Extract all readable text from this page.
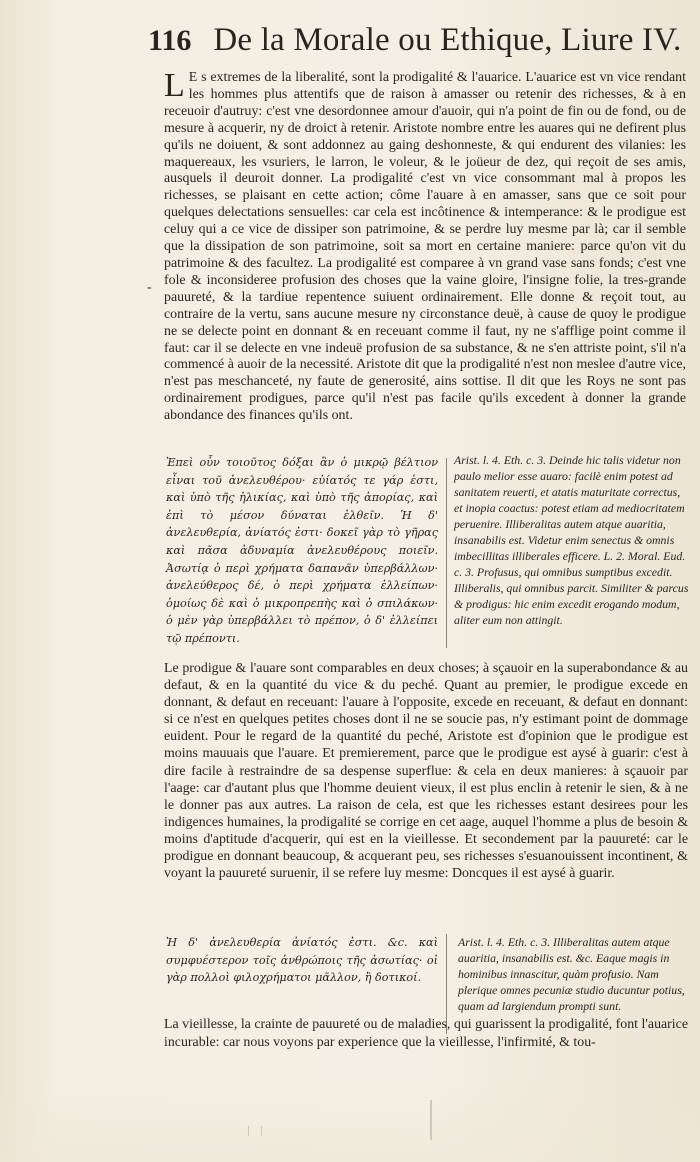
116 De la Morale ou Ethique, Liure IV.

L E s extremes de la liberalité, sont la prodigalité & l'auarice. L'auarice est vn vice rendant les hommes plus attentifs que de raison à amasser ou retenir des richesses, & à en receuoir d'autruy: c'est vne desordonnee amour d'auoir, qui n'a point de fin ou de fond, ou de mesure à acquerir, ny de droict à retenir. Aristote nombre entre les auares qui ne defirent plus qu'ils ne doiuent, & sont addonnez au gaing deshonneste, & qui endurent des vilanies: les maquereaux, les vsuriers, le larron, le voleur, & le joüeur de dez, qui reçoit de ses amis, ausquels il deuroit donner. La prodigalité c'est vn vice consommant mal à propos les richesses, se plaisant en cette action; côme l'auare à en amasser, sans que ce soit pour quelques delectations sensuelles: car cela est incôtinence & intemperance: & le prodigue est celuy qui a ce vice de dissiper son patrimoine, & se perdre luy mesme par là; car il semble que la dissipation de son patrimoine, soit sa mort en certaine maniere: parce qu'on vit du patrimoine & des facultez. La prodigalité est comparee à vn grand vase sans fonds; c'est vne fole & inconsideree profusion des choses que la vaine gloire, l'insigne folie, la tres-grande pauureté, & la tardiue repentence suiuent ordinairement. Elle donne & reçoit tout, au contraire de la vertu, sans aucune mesure ny circonstance deuë, à cause de quoy le prodigue ne se delecte point en donnant & en receuant comme il faut, ny ne s'afflige point comme il faut: car il se delecte en vne indeuë profusion de sa substance, & ne s'en attriste point, s'il n'a commencé à auoir de la necessité. Aristote dit que la prodigalité n'est non meslee d'autre vice, n'est pas meschanceté, ny faute de generosité, ains sottise. Il dit que les Roys ne sont pas ordinairement prodigues, parce qu'il n'est pas facile qu'ils excedent à donner la grande abondance des finances qu'ils ont.

-

Ἐπεὶ οὖν τοιοῦτος δόξαι ἂν ὁ μικρῷ βέλτιον εἶναι τοῦ ἀνελευθέρου· εὐίατός τε γάρ ἐστι, καὶ ὑπὸ τῆς ἡλικίας, καὶ ὑπὸ τῆς ἀπορίας, καὶ ἐπὶ τὸ μέσον δύναται ἐλθεῖν. Ἡ δ' ἀνελευθερία, ἀνίατός ἐστι· δοκεῖ γὰρ τὸ γῆρας καὶ πᾶσα ἀδυναμία ἀνελευθέρους ποιεῖν. Ἀσωτίᾳ ὁ περὶ χρήματα δαπανᾶν ὑπερβάλλων· ἀνελεύθερος δέ, ὁ περὶ χρήματα ἐλλείπων· ὁμοίως δὲ καὶ ὁ μικροπρεπὴς καὶ ὁ σπιλάκων· ὁ μὲν γὰρ ὑπερβάλλει τὸ πρέπον, ὁ δ' ἐλλείπει τῷ πρέποντι.

Arist. l. 4. Eth. c. 3. Deinde hic talis videtur non paulo melior esse auaro: facilè enim potest ad sanitatem reuerti, et atatis maturitate correctus, et inopia coactus: potest etiam ad mediocritatem peruenire. Illiberalitas autem atque auaritia, insanabilis est. Videtur enim senectus & omnis imbecillitas illiberales efficere. L. 2. Moral. Eud. c. 3. Profusus, qui omnibus sumptibus excedit. Illiberalis, qui omnibus parcit. Similiter & parcus & prodigus: hic enim excedit erogando modum, aliter eum non attingit.

Le prodigue & l'auare sont comparables en deux choses; à sçauoir en la superabondance & au defaut, & en la quantité du vice & du peché. Quant au premier, le prodigue excede en donnant, & defaut en receuant: l'auare à l'opposite, excede en receuant, & defaut en donnant: si ce n'est en quelques petites choses dont il ne se soucie pas, n'y estimant point de dommage euident. Pour le regard de la quantité du peché, Aristote est d'opinion que le prodigue est moins mauuais que l'auare. Et premierement, parce que le prodigue est aysé à guarir: c'est à dire facile à restraindre de sa despense superflue: & cela en deux manieres: à sçauoir par l'aage: car d'autant plus que l'homme deuient vieux, il est plus enclin à retenir le sien, & à ne le donner pas aux autres. La raison de cela, est que les richesses estant desirees pour les indigences humaines, la prodigalité se corrige en cet aage, auquel l'homme a plus de besoin & moins d'aptitude d'acquerir, qui est en la vieillesse. Et secondement par la pauureté: car le prodigue en donnant beaucoup, & acquerant peu, ses richesses s'esuanouissent incontinent, & voyant la pauureté suruenir, il se refere luy mesme: Doncques il est aysé à guarir.

Ἡ δ' ἀνελευθερία ἀνίατός ἐστι. &c. καὶ συμφυέστερον τοῖς ἀνθρώποις τῆς ἀσωτίας· οἱ γὰρ πολλοὶ φιλοχρήματοι μᾶλλον, ἢ δοτικοί.

Arist. l. 4. Eth. c. 3. Illiberalitas autem atque auaritia, insanabilis est. &c. Eaque magis in hominibus innascitur, quàm profusio. Nam plerique omnes pecuniæ studio ducuntur potius, quam ad largiendum prompti sunt.

La vieillesse, la crainte de pauureté ou de maladies, qui guarissent la prodigalité, font l'auarice incurable: car nous voyons par experience que la vieillesse, l'infirmité, & tou-
